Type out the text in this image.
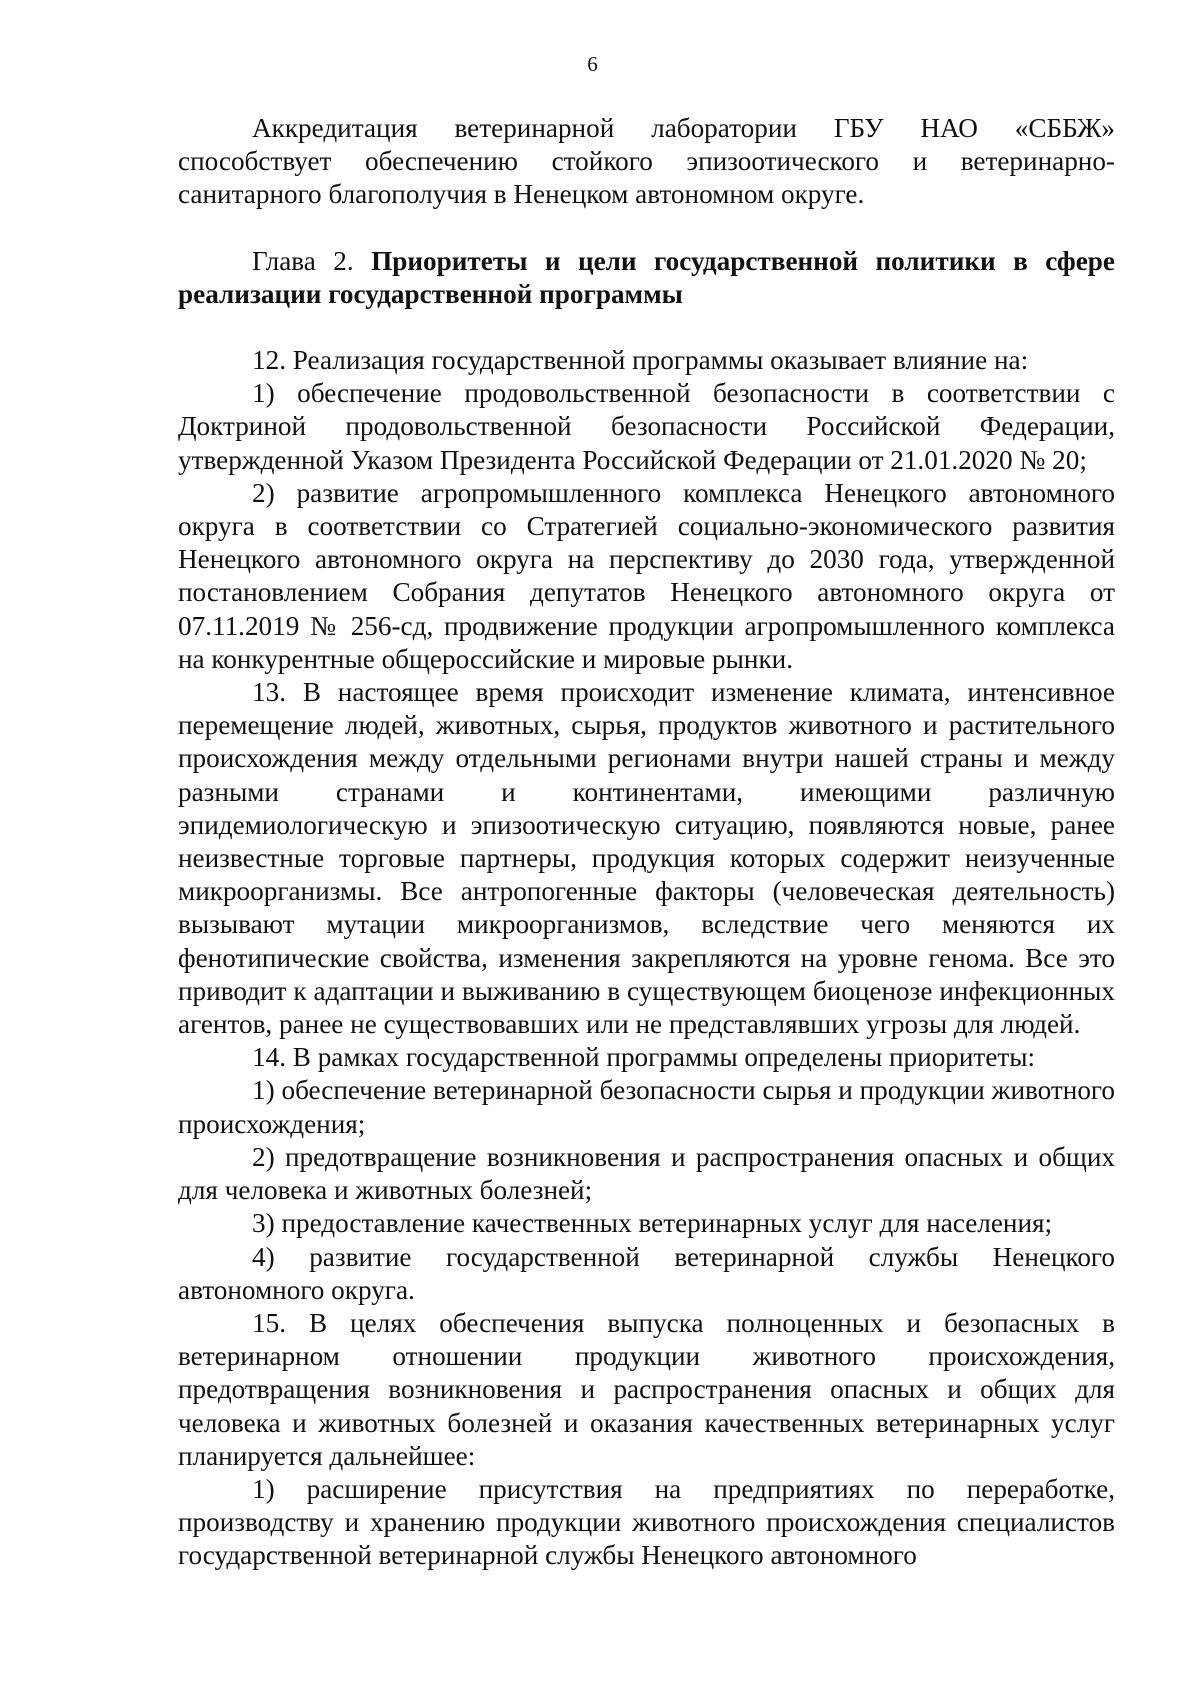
6

Аккредитация ветеринарной лаборатории ГБУ НАО «СББЖ» способствует обеспечению стойкого эпизоотического и ветеринарно-санитарного благополучия в Ненецком автономном округе.

Глава 2. Приоритеты и цели государственной политики в сфере реализации государственной программы

12. Реализация государственной программы оказывает влияние на:

1) обеспечение продовольственной безопасности в соответствии с Доктриной продовольственной безопасности Российской Федерации, утвержденной Указом Президента Российской Федерации от 21.01.2020 № 20;

2) развитие агропромышленного комплекса Ненецкого автономного округа в соответствии со Стратегией социально-экономического развития Ненецкого автономного округа на перспективу до 2030 года, утвержденной постановлением Собрания депутатов Ненецкого автономного округа от 07.11.2019 № 256-сд, продвижение продукции агропромышленного комплекса на конкурентные общероссийские и мировые рынки.

13. В настоящее время происходит изменение климата, интенсивное перемещение людей, животных, сырья, продуктов животного и растительного происхождения между отдельными регионами внутри нашей страны и между разными странами и континентами, имеющими различную эпидемиологическую и эпизоотическую ситуацию, появляются новые, ранее неизвестные торговые партнеры, продукция которых содержит неизученные микроорганизмы. Все антропогенные факторы (человеческая деятельность) вызывают мутации микроорганизмов, вследствие чего меняются их фенотипические свойства, изменения закрепляются на уровне генома. Все это приводит к адаптации и выживанию в существующем биоценозе инфекционных агентов, ранее не существовавших или не представлявших угрозы для людей.

14. В рамках государственной программы определены приоритеты:

1) обеспечение ветеринарной безопасности сырья и продукции животного происхождения;

2) предотвращение возникновения и распространения опасных и общих для человека и животных болезней;

3) предоставление качественных ветеринарных услуг для населения;

4) развитие государственной ветеринарной службы Ненецкого автономного округа.

15. В целях обеспечения выпуска полноценных и безопасных в ветеринарном отношении продукции животного происхождения, предотвращения возникновения и распространения опасных и общих для человека и животных болезней и оказания качественных ветеринарных услуг планируется дальнейшее:

1) расширение присутствия на предприятиях по переработке, производству и хранению продукции животного происхождения специалистов государственной ветеринарной службы Ненецкого автономного
